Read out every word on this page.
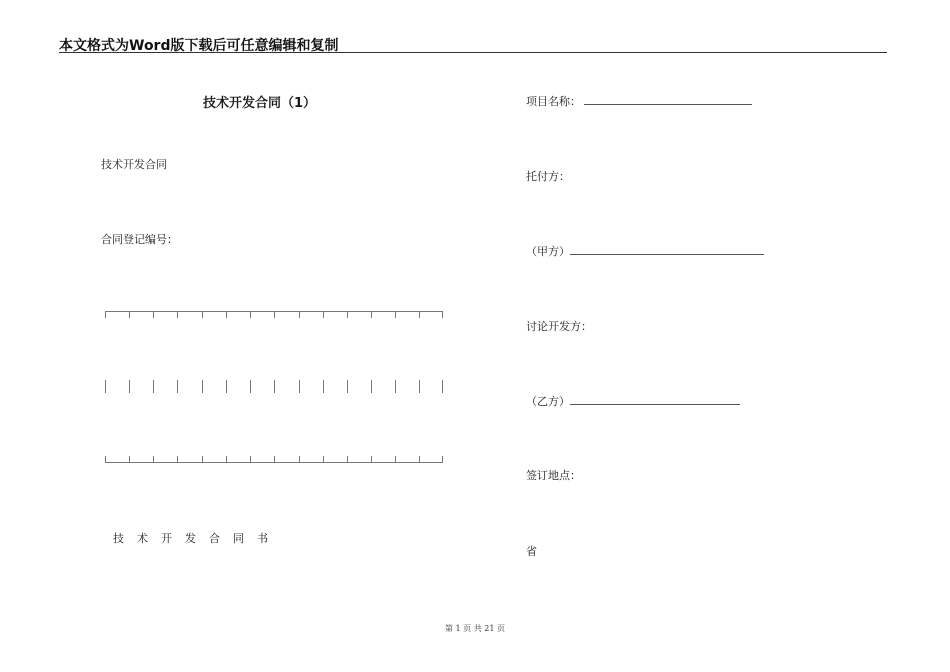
本文格式为Word版下载后可任意编辑和复制
技术开发合同（1）
技术开发合同
合同登记编号：
技术开发合同书
项目名称：
托付方：
（甲方）
讨论开发方：
（乙方）
签订地点：
省
第 1 页 共 21 页
